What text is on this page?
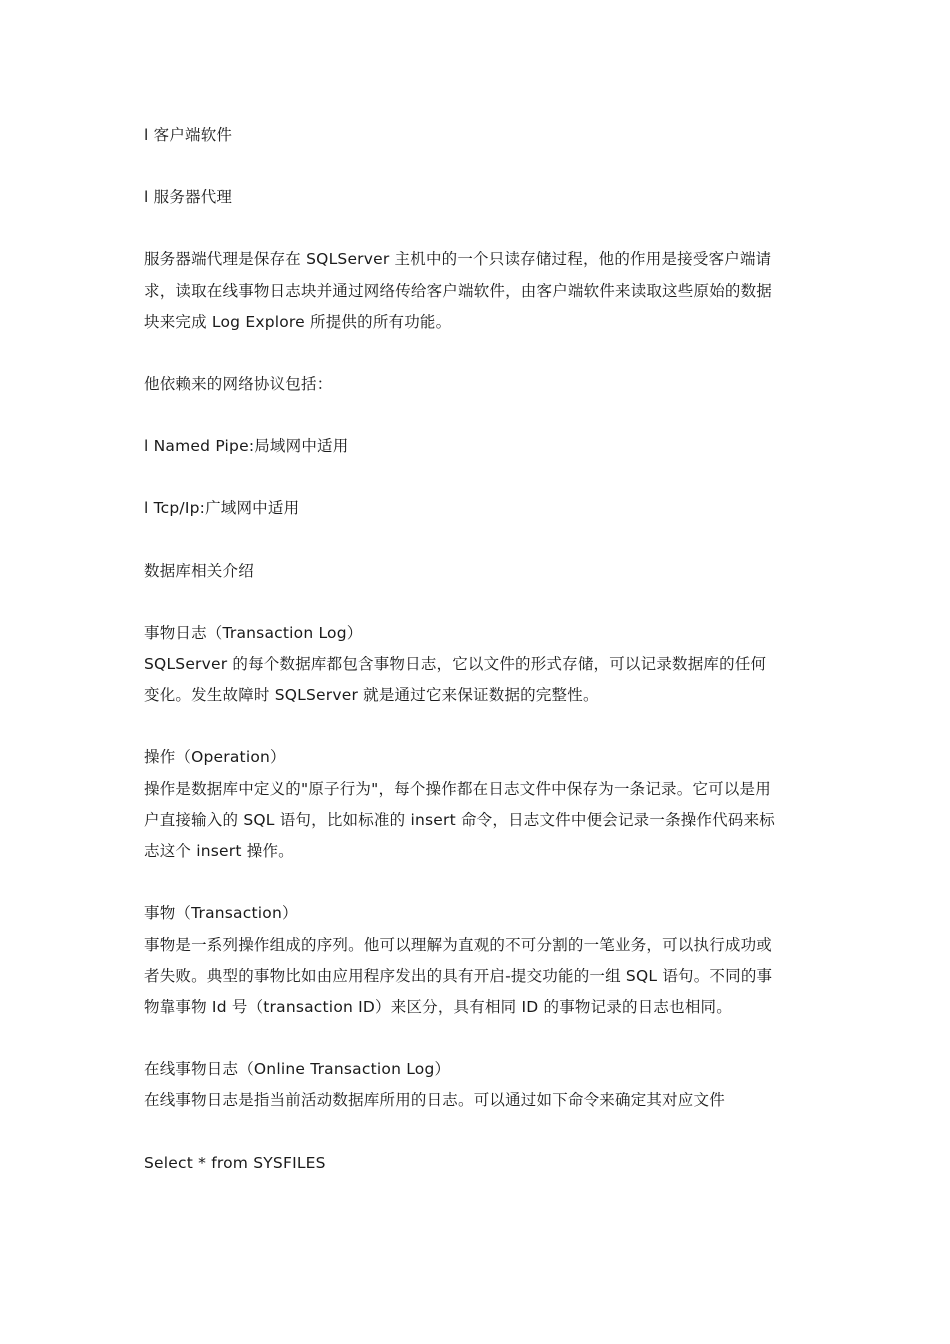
l 客户端软件
l 服务器代理
服务器端代理是保存在 SQLServer 主机中的一个只读存储过程，他的作用是接受客户端请
求，读取在线事物日志块并通过网络传给客户端软件，由客户端软件来读取这些原始的数据
块来完成 Log Explore 所提供的所有功能。
他依赖来的网络协议包括：
l Named Pipe:局域网中适用
l Tcp/Ip:广域网中适用
数据库相关介绍
事物日志（Transaction Log）
SQLServer 的每个数据库都包含事物日志，它以文件的形式存储，可以记录数据库的任何
变化。发生故障时 SQLServer 就是通过它来保证数据的完整性。
操作（Operation）
操作是数据库中定义的"原子行为"，每个操作都在日志文件中保存为一条记录。它可以是用
户直接输入的 SQL 语句，比如标准的 insert 命令，日志文件中便会记录一条操作代码来标
志这个 insert 操作。
事物（Transaction）
事物是一系列操作组成的序列。他可以理解为直观的不可分割的一笔业务，可以执行成功或
者失败。典型的事物比如由应用程序发出的具有开启-提交功能的一组 SQL 语句。不同的事
物靠事物 Id 号（transaction ID）来区分，具有相同 ID 的事物记录的日志也相同。
在线事物日志（Online Transaction Log）
在线事物日志是指当前活动数据库所用的日志。可以通过如下命令来确定其对应文件
Select * from SYSFILES
